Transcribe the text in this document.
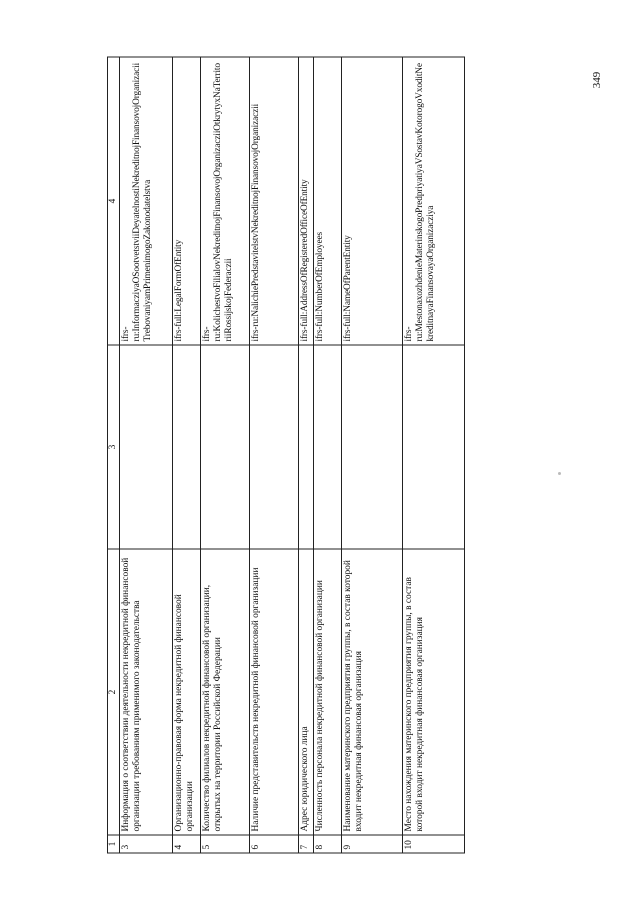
349
1	2	3	4
3	Информация о соответствии деятельности некредитной финансовой организации требованиям применимого законодательства		ifrs-ru:InformacziyaOSootvetstviiDeyatelnostiNekreditnojFinansovojOrganizaciiTrebovaniyamPrimenimogoZakonodatelstva
4	Организационно-правовая форма некредитной финансовой организации		ifrs-full:LegalFormOfEntity
5	Количество филиалов некредитной финансовой организации, открытых на территории Российской Федерации		ifrs-ru:KolichestvoFilialovNekreditnojFinansovojOrganizacziiOtkrytyxNaTerritoriiRossijskojFederaczii
6	Наличие представительств некредитной финансовой организации		ifrs-ru:NalichiePredstavitelstvNekreditnojFinansovojOrganizaczii
7	Адрес юридического лица		ifrs-full:AddressOfRegisteredOfficeOfEntity
8	Численность персонала некредитной финансовой организации		ifrs-full:NumberOfEmployees
9	Наименование материнского предприятия группы, в состав которой входит некредитная финансовая организация		ifrs-full:NameOfParentEntity
10	Место нахождения материнского предприятия группы, в состав которой входит некредитная финансовая организация		ifrs-ru:MestonaxozhdenieMaterinskogoPredpriyatiyaVSostavKotorogoVxoditNekreditnayaFinansovayaOrganizacziya
